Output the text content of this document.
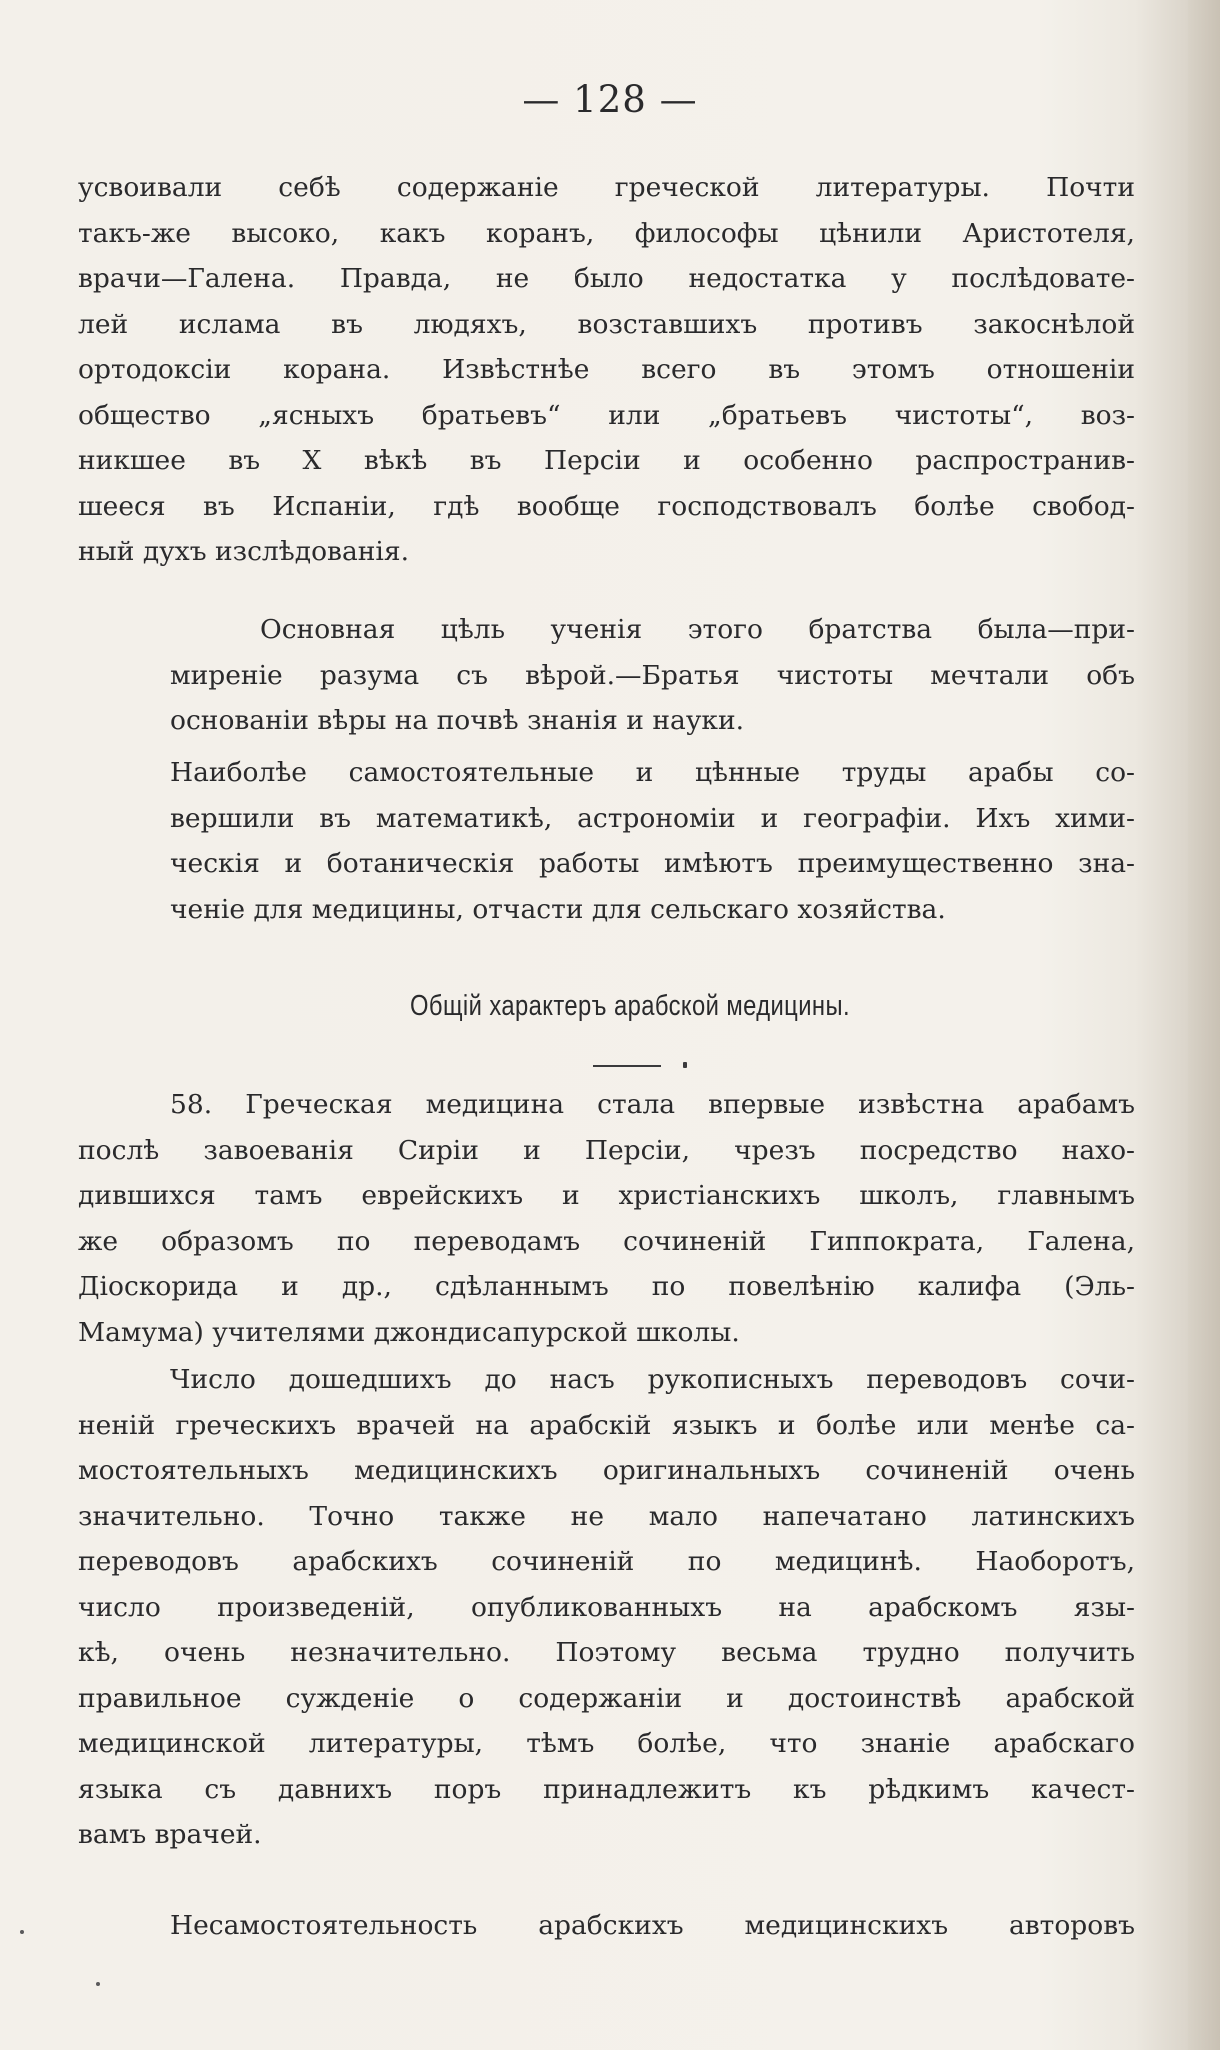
— 128 —
усвоивали себѣ содержаніе греческой литературы. Почти
такъ-же высоко, какъ коранъ, философы цѣнили Аристотеля,
врачи—Галена. Правда, не было недостатка у послѣдовате-
лей ислама въ людяхъ, возставшихъ противъ закоснѣлой
ортодоксіи корана. Извѣстнѣе всего въ этомъ отношеніи
общество „ясныхъ братьевъ“ или „братьевъ чистоты“, воз-
никшее въ X вѣкѣ въ Персіи и особенно распространив-
шееся въ Испаніи, гдѣ вообще господствовалъ болѣе свобод-
ный духъ изслѣдованія.
Основная цѣль ученія этого братства была—при-
миреніе разума съ вѣрой.—Братья чистоты мечтали объ
основаніи вѣры на почвѣ знанія и науки.
Наиболѣе самостоятельные и цѣнные труды арабы со-
вершили въ математикѣ, астрономіи и географіи. Ихъ хими-
ческія и ботаническія работы имѣютъ преимущественно зна-
ченіе для медицины, отчасти для сельскаго хозяйства.
Общій характеръ арабской медицины.
58. Греческая медицина стала впервые извѣстна арабамъ
послѣ завоеванія Сиріи и Персіи, чрезъ посредство нахо-
дившихся тамъ еврейскихъ и христіанскихъ школъ, главнымъ
же образомъ по переводамъ сочиненій Гиппократа, Галена,
Діоскорида и др., сдѣланнымъ по повелѣнію калифа (Эль-
Мамума) учителями джондисапурской школы.
Число дошедшихъ до насъ рукописныхъ переводовъ сочи-
неній греческихъ врачей на арабскій языкъ и болѣе или менѣе са-
мостоятельныхъ медицинскихъ оригинальныхъ сочиненій очень
значительно. Точно также не мало напечатано латинскихъ
переводовъ арабскихъ сочиненій по медицинѣ. Наоборотъ,
число произведеній, опубликованныхъ на арабскомъ язы-
кѣ, очень незначительно. Поэтому весьма трудно получить
правильное сужденіе о содержаніи и достоинствѣ арабской
медицинской литературы, тѣмъ болѣе, что знаніе арабскаго
языка съ давнихъ поръ принадлежитъ къ рѣдкимъ качест-
вамъ врачей.
Несамостоятельность арабскихъ медицинскихъ авторовъ
